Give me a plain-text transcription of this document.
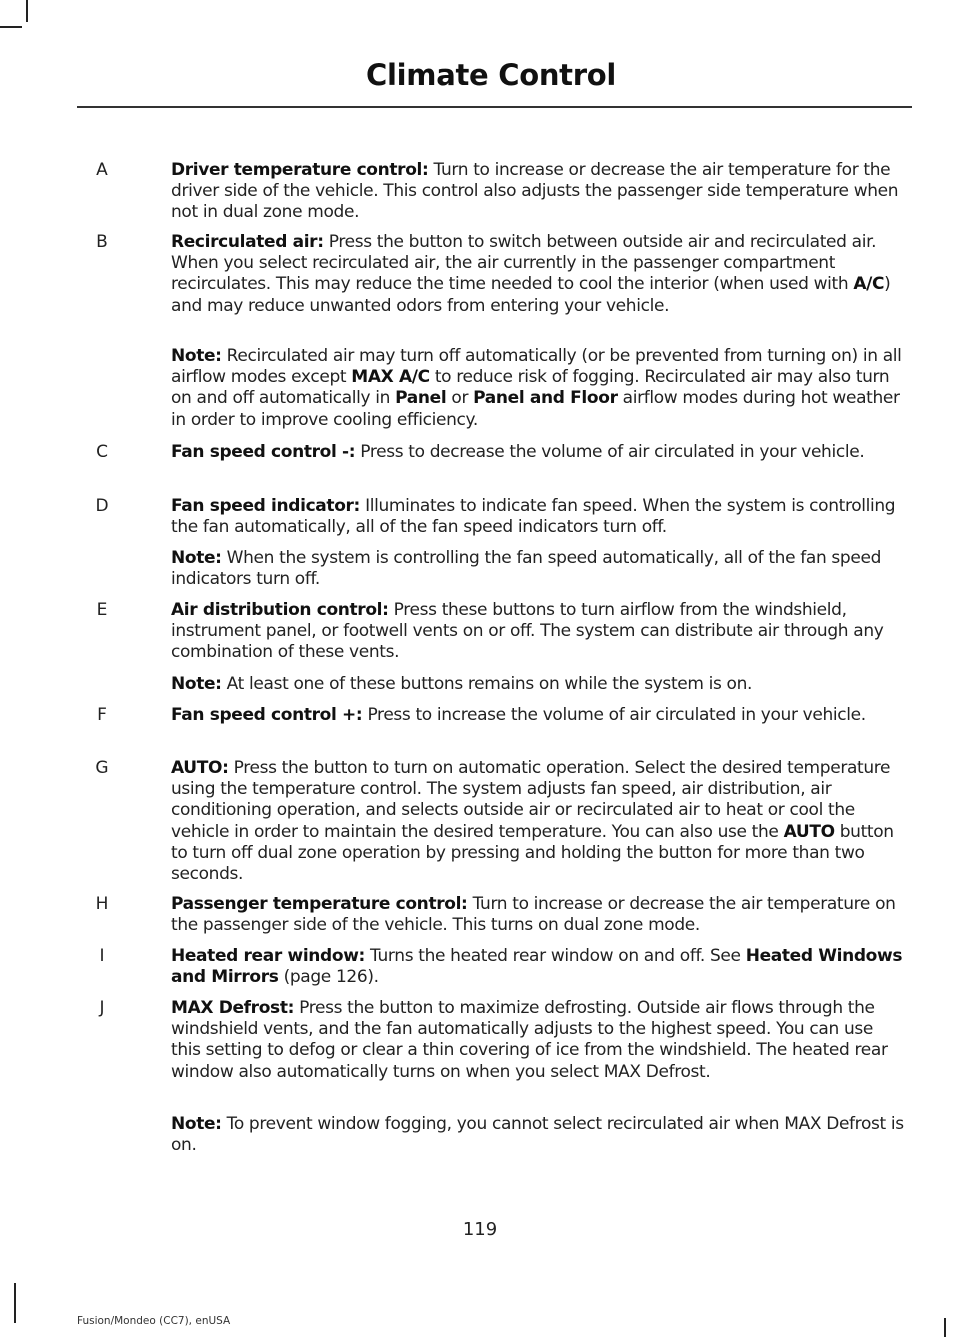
Climate Control
A	Driver temperature control: Turn to increase or decrease the air temperature for the driver side of the vehicle. This control also adjusts the passenger side temperature when not in dual zone mode.
B	Recirculated air: Press the button to switch between outside air and recirculated air. When you select recirculated air, the air currently in the passenger compartment recirculates. This may reduce the time needed to cool the interior (when used with A/C) and may reduce unwanted odors from entering your vehicle.
Note: Recirculated air may turn off automatically (or be prevented from turning on) in all airflow modes except MAX A/C to reduce risk of fogging. Recirculated air may also turn on and off automatically in Panel or Panel and Floor airflow modes during hot weather in order to improve cooling efficiency.
C	Fan speed control -: Press to decrease the volume of air circulated in your vehicle.
D	Fan speed indicator: Illuminates to indicate fan speed. When the system is controlling the fan automatically, all of the fan speed indicators turn off.
Note: When the system is controlling the fan speed automatically, all of the fan speed indicators turn off.
E	Air distribution control: Press these buttons to turn airflow from the windshield, instrument panel, or footwell vents on or off. The system can distribute air through any combination of these vents.
Note: At least one of these buttons remains on while the system is on.
F	Fan speed control +: Press to increase the volume of air circulated in your vehicle.
G	AUTO: Press the button to turn on automatic operation. Select the desired temperature using the temperature control. The system adjusts fan speed, air distribution, air conditioning operation, and selects outside air or recirculated air to heat or cool the vehicle in order to maintain the desired temperature. You can also use the AUTO button to turn off dual zone operation by pressing and holding the button for more than two seconds.
H	Passenger temperature control: Turn to increase or decrease the air temperature on the passenger side of the vehicle. This turns on dual zone mode.
I	Heated rear window: Turns the heated rear window on and off. See Heated Windows and Mirrors (page 126).
J	MAX Defrost: Press the button to maximize defrosting. Outside air flows through the windshield vents, and the fan automatically adjusts to the highest speed. You can use this setting to defog or clear a thin covering of ice from the windshield. The heated rear window also automatically turns on when you select MAX Defrost.
Note: To prevent window fogging, you cannot select recirculated air when MAX Defrost is on.
119
Fusion/Mondeo (CC7), enUSA
